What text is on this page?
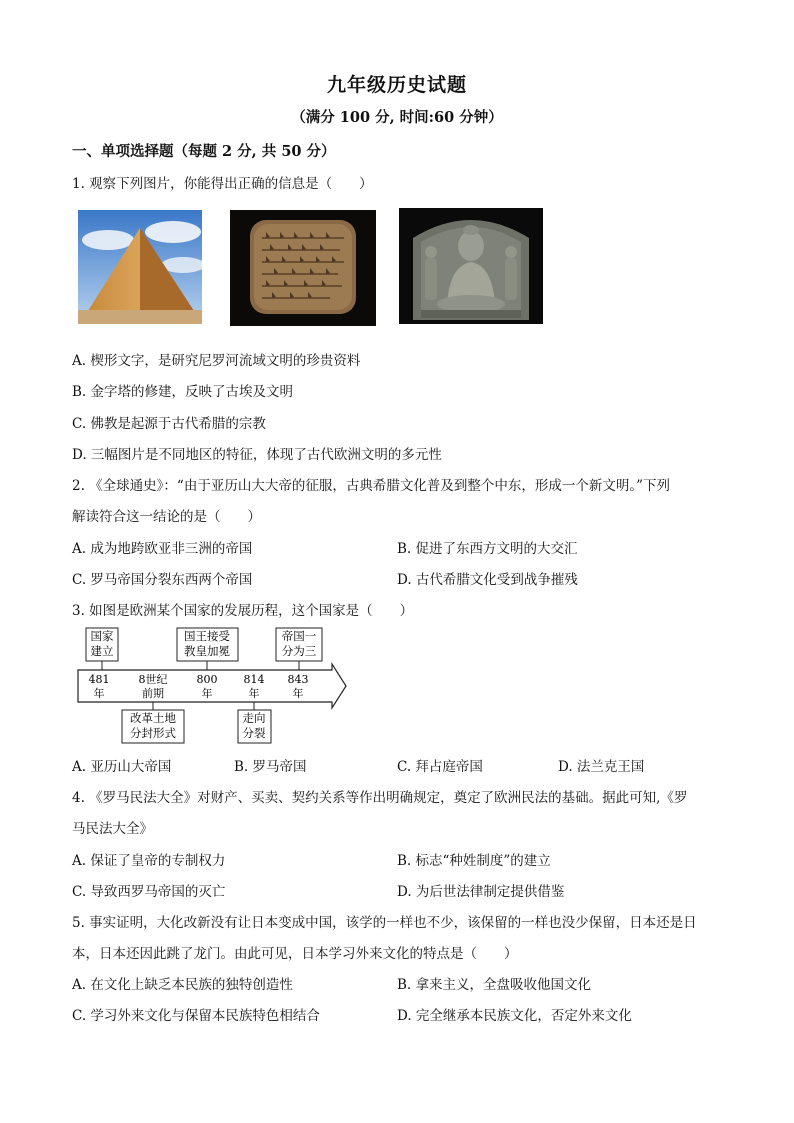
九年级历史试题
（满分 100 分, 时间:60 分钟）
一、单项选择题（每题 2 分, 共 50 分）
1. 观察下列图片，你能得出正确的信息是（　　）
A. 楔形文字，是研究尼罗河流域文明的珍贵资料
B. 金字塔的修建，反映了古埃及文明
C. 佛教是起源于古代希腊的宗教
D. 三幅图片是不同地区的特征，体现了古代欧洲文明的多元性
2. 《全球通史》：“由于亚历山大大帝的征服，古典希腊文化普及到整个中东，形成一个新文明。”下列
解读符合这一结论的是（　　）
A. 成为地跨欧亚非三洲的帝国	B. 促进了东西方文明的大交汇
C. 罗马帝国分裂东西两个帝国	D. 古代希腊文化受到战争摧残
3. 如图是欧洲某个国家的发展历程，这个国家是（　　）
国家
建立
国王接受
教皇加冕
帝国一
分为三
481
年
8世纪
前期
800
年
814
年
843
年
改革土地
分封形式
走向
分裂
A. 亚历山大帝国	B. 罗马帝国	C. 拜占庭帝国	D. 法兰克王国
4. 《罗马民法大全》对财产、买卖、契约关系等作出明确规定，奠定了欧洲民法的基础。据此可知,《罗
马民法大全》
A. 保证了皇帝的专制权力	B. 标志“种姓制度”的建立
C. 导致西罗马帝国的灭亡	D. 为后世法律制定提供借鉴
5. 事实证明，大化改新没有让日本变成中国，该学的一样也不少，该保留的一样也没少保留，日本还是日
本，日本还因此跳了龙门。由此可见，日本学习外来文化的特点是（　　）
A. 在文化上缺乏本民族的独特创造性	B. 拿来主义，全盘吸收他国文化
C. 学习外来文化与保留本民族特色相结合	D. 完全继承本民族文化，否定外来文化
